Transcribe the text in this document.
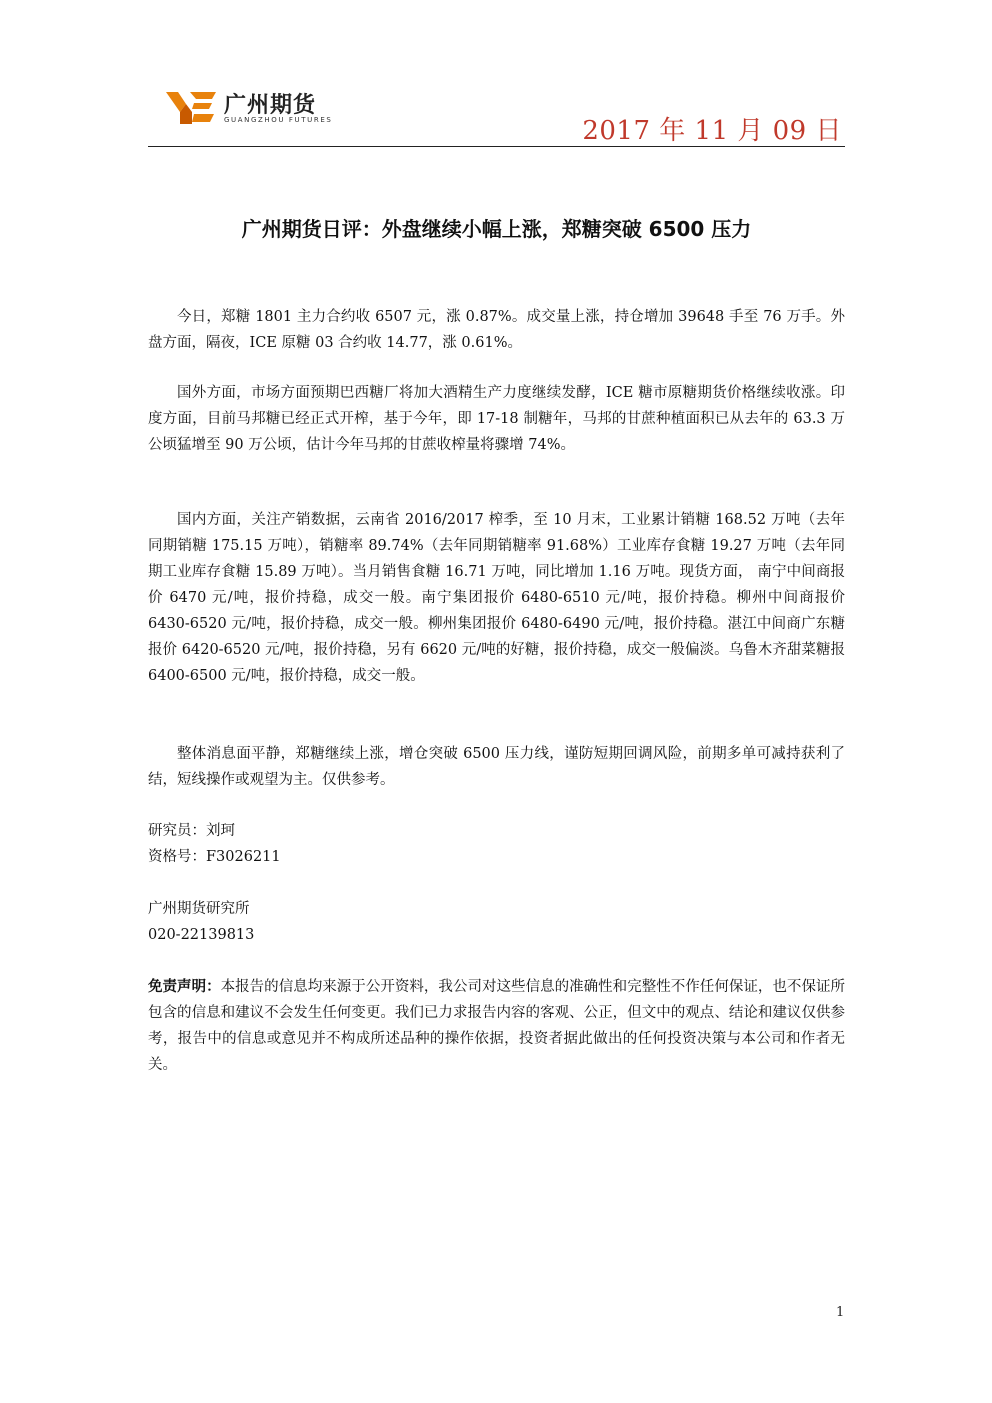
广州期货
GUANGZHOU FUTURES	2017 年 11 月 09 日
广州期货日评：外盘继续小幅上涨，郑糖突破 6500 压力
今日，郑糖 1801 主力合约收 6507 元，涨 0.87%。成交量上涨，持仓增加 39648 手至 76 万手。外盘方面，隔夜，ICE 原糖 03 合约收 14.77，涨 0.61%。
国外方面，市场方面预期巴西糖厂将加大酒精生产力度继续发酵，ICE 糖市原糖期货价格继续收涨。印度方面，目前马邦糖已经正式开榨，基于今年，即 17-18 制糖年，马邦的甘蔗种植面积已从去年的 63.3 万公顷猛增至 90 万公顷，估计今年马邦的甘蔗收榨量将骤增 74%。
国内方面，关注产销数据，云南省 2016/2017 榨季，至 10 月末，工业累计销糖 168.52 万吨（去年同期销糖 175.15 万吨），销糖率 89.74%（去年同期销糖率 91.68%）工业库存食糖 19.27 万吨（去年同期工业库存食糖 15.89 万吨）。当月销售食糖 16.71 万吨，同比增加 1.16 万吨。现货方面， 南宁中间商报价 6470 元/吨，报价持稳，成交一般。南宁集团报价 6480-6510 元/吨，报价持稳。柳州中间商报价 6430-6520 元/吨，报价持稳，成交一般。柳州集团报价 6480-6490 元/吨，报价持稳。湛江中间商广东糖报价 6420-6520 元/吨，报价持稳，另有 6620 元/吨的好糖，报价持稳，成交一般偏淡。乌鲁木齐甜菜糖报 6400-6500 元/吨，报价持稳，成交一般。
整体消息面平静，郑糖继续上涨，增仓突破 6500 压力线，谨防短期回调风险，前期多单可减持获利了结，短线操作或观望为主。仅供参考。
研究员：刘珂
资格号：F3026211
广州期货研究所
020-22139813
免责声明：本报告的信息均来源于公开资料，我公司对这些信息的准确性和完整性不作任何保证，也不保证所包含的信息和建议不会发生任何变更。我们已力求报告内容的客观、公正，但文中的观点、结论和建议仅供参考，报告中的信息或意见并不构成所述品种的操作依据，投资者据此做出的任何投资决策与本公司和作者无关。
1
